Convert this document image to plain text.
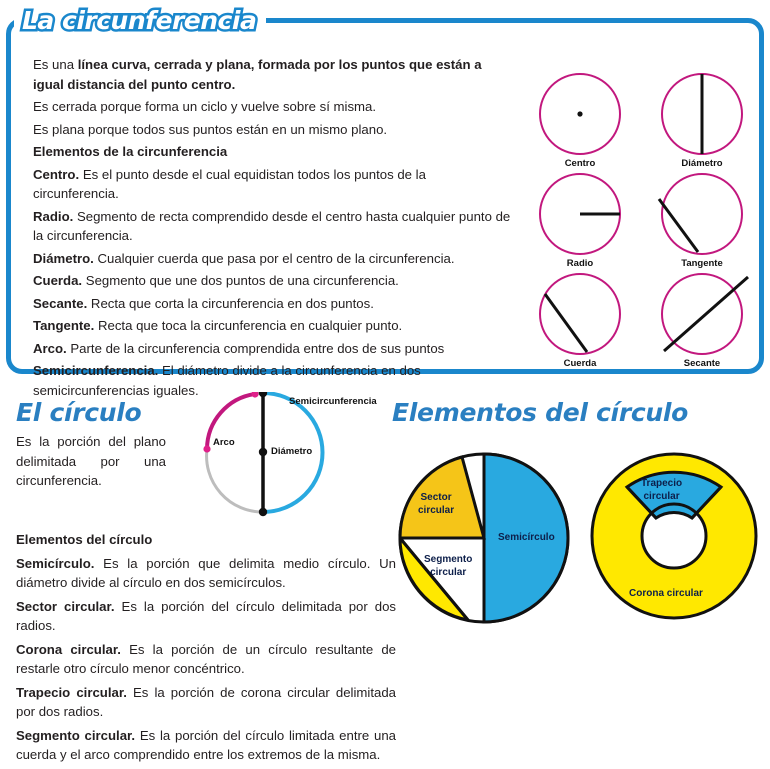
Es una línea curva, cerrada y plana, formada por los puntos que están a igual distancia del punto centro.

Es cerrada porque forma un ciclo y vuelve sobre sí misma.

Es plana porque todos sus puntos están en un mismo plano.

Elementos de la circunferencia

Centro. Es el punto desde el cual equidistan todos los puntos de la circunferencia.

Radio. Segmento de recta comprendido desde el centro hasta cualquier punto de la circunferencia.

Diámetro. Cualquier cuerda que pasa por el centro de la circunferencia.

Cuerda. Segmento que une dos puntos de una circunferencia.

Secante. Recta que corta la circunferencia en dos puntos.

Tangente. Recta que toca la circunferencia en cualquier punto.

Arco. Parte de la circunferencia comprendida entre dos de sus puntos

Semicircunferencia. El diámetro divide a la circunferencia en dos semicircunferencias iguales.

Centro	Diámetro
Radio	Tangente
Cuerda	Secante
La circunferencia
El círculo
Es la porción del plano delimitada por una circunferencia.
Arco
Diámetro
Semicircunferencia Elementos del círculo

Elementos del círculo

Semicírculo. Es la porción que delimita medio círculo. Un diámetro divide al círculo en dos semicírculos.

Sector circular. Es la porción del círculo delimitada por dos radios.

Corona circular. Es la porción de un círculo resultante de restarle otro círculo menor concéntrico.

Trapecio circular. Es la porción de corona circular delimitada por dos radios.

Segmento circular. Es la porción del círculo limitada entre una cuerda y el arco comprendido entre los extremos de la misma.

Semicírculo
Sector
circular
Segmento
circular
Trapecio
circular
Corona circular
